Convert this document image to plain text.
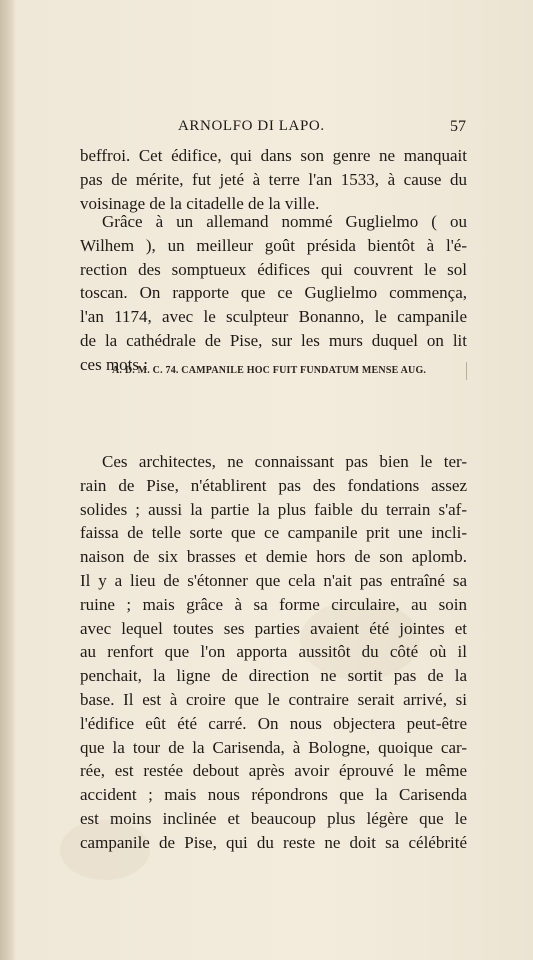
ARNOLFO DI LAPO.	57

beffroi. Cet édifice, qui dans son genre ne manquait
pas de mérite, fut jeté à terre l'an 1533, à cause du
voisinage de la citadelle de la ville.

Grâce à un allemand nommé Guglielmo ( ou
Wilhem ), un meilleur goût présida bientôt à l'é-
rection des somptueux édifices qui couvrent le sol
toscan. On rapporte que ce Guglielmo commença,
l'an 1174, avec le sculpteur Bonanno, le campanile
de la cathédrale de Pise, sur les murs duquel on lit
ces mots :

A. D. M. C. 74. CAMPANILE HOC FUIT FUNDATUM MENSE AUG.

Ces architectes, ne connaissant pas bien le ter-
rain de Pise, n'établirent pas des fondations assez
solides ; aussi la partie la plus faible du terrain s'af-
faissa de telle sorte que ce campanile prit une incli-
naison de six brasses et demie hors de son aplomb.
Il y a lieu de s'étonner que cela n'ait pas entraîné sa
ruine ; mais grâce à sa forme circulaire, au soin
avec lequel toutes ses parties avaient été jointes et
au renfort que l'on apporta aussitôt du côté où il
penchait, la ligne de direction ne sortit pas de la
base. Il est à croire que le contraire serait arrivé, si
l'édifice eût été carré. On nous objectera peut-être
que la tour de la Carisenda, à Bologne, quoique car-
rée, est restée debout après avoir éprouvé le même
accident ; mais nous répondrons que la Carisenda
est moins inclinée et beaucoup plus légère que le
campanile de Pise, qui du reste ne doit sa célébrité
